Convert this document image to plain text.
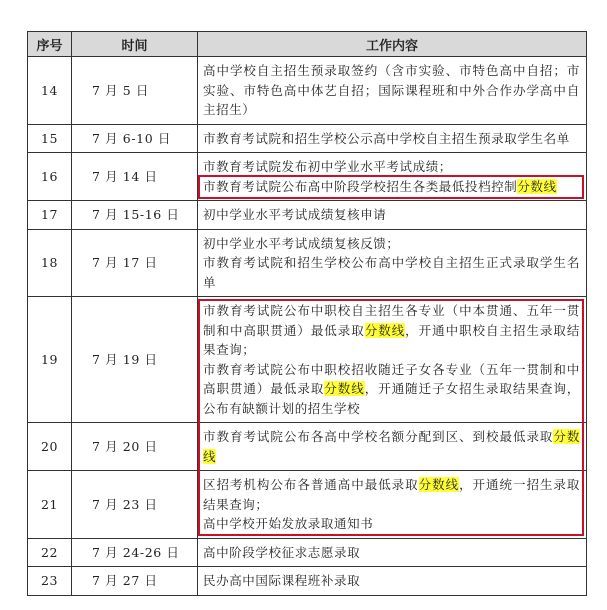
序号	时间	工作内容
14	7 月 5 日	高中学校自主招生预录取签约（含市实验、市特色高中自招；市实验、市特色高中体艺自招；国际课程班和中外合作办学高中自主招生）

15	7 月 6-10 日	市教育考试院和招生学校公示高中学校自主招生预录取学生名单

16	7 月 14 日	市教育考试院发布初中学业水平考试成绩；
市教育考试院公布高中阶段学校招生各类最低投档控制分数线

17	7 月 15-16 日	初中学业水平考试成绩复核申请

18	7 月 17 日	初中学业水平考试成绩复核反馈；
市教育考试院和招生学校公布高中学校自主招生正式录取学生名单

19	7 月 19 日	市教育考试院公布中职校自主招生各专业（中本贯通、五年一贯制和中高职贯通）最低录取分数线，开通中职校自主招生录取结果查询；
市教育考试院公布中职校招收随迁子女各专业（五年一贯制和中高职贯通）最低录取分数线，开通随迁子女招生录取结果查询，公布有缺额计划的招生学校

20	7 月 20 日	市教育考试院公布各高中学校名额分配到区、到校最低录取分数线

21	7 月 23 日	区招考机构公布各普通高中最低录取分数线，开通统一招生录取结果查询；
高中学校开始发放录取通知书

22	7 月 24-26 日	高中阶段学校征求志愿录取

23	7 月 27 日	民办高中国际课程班补录取
